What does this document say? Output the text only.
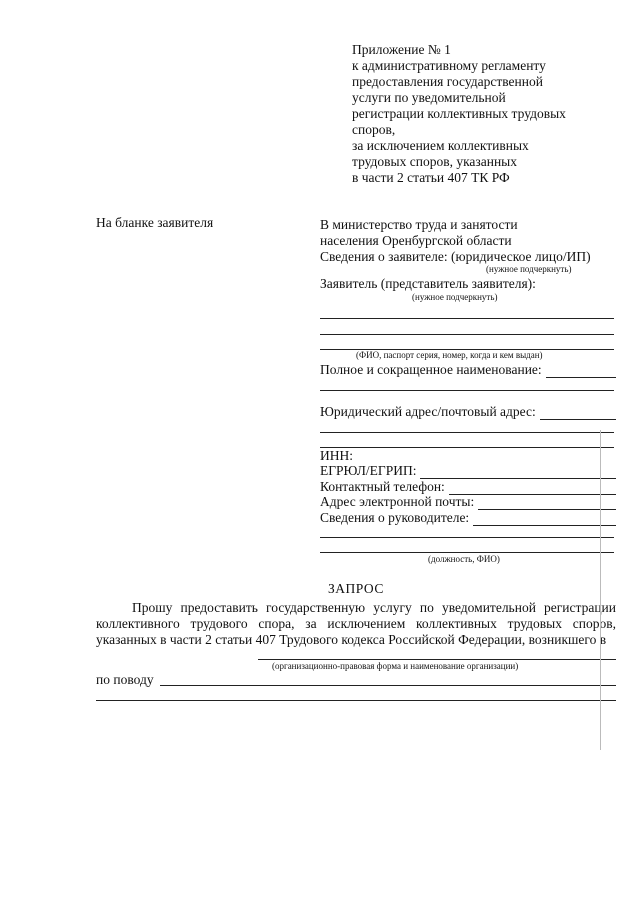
Приложение № 1
к административному регламенту
предоставления государственной
услуги по уведомительной
регистрации коллективных трудовых
споров,
за исключением коллективных
трудовых споров, указанных
в части 2 статьи 407 ТК РФ
На бланке заявителя	В министерство труда и занятости
населения Оренбургской области
Сведения о заявителе: (юридическое лицо/ИП)
(нужное подчеркнуть)
Заявитель (представитель заявителя):
(нужное подчеркнуть)
(ФИО, паспорт серия, номер, когда и кем выдан)
Полное и сокращенное наименование:
Юридический адрес/почтовый адрес:
ИНН:
ЕГРЮЛ/ЕГРИП:
Контактный телефон:
Адрес электронной почты:
Сведения о руководителе:
(должность, ФИО)
ЗАПРОС

Прошу предоставить государственную услугу по уведомительной регистрации коллективного трудового спора, за исключением коллективных трудовых споров, указанных в части 2 статьи 407 Трудового кодекса Российской Федерации, возникшего в

(организационно-правовая форма и наименование организации)
по поводу
